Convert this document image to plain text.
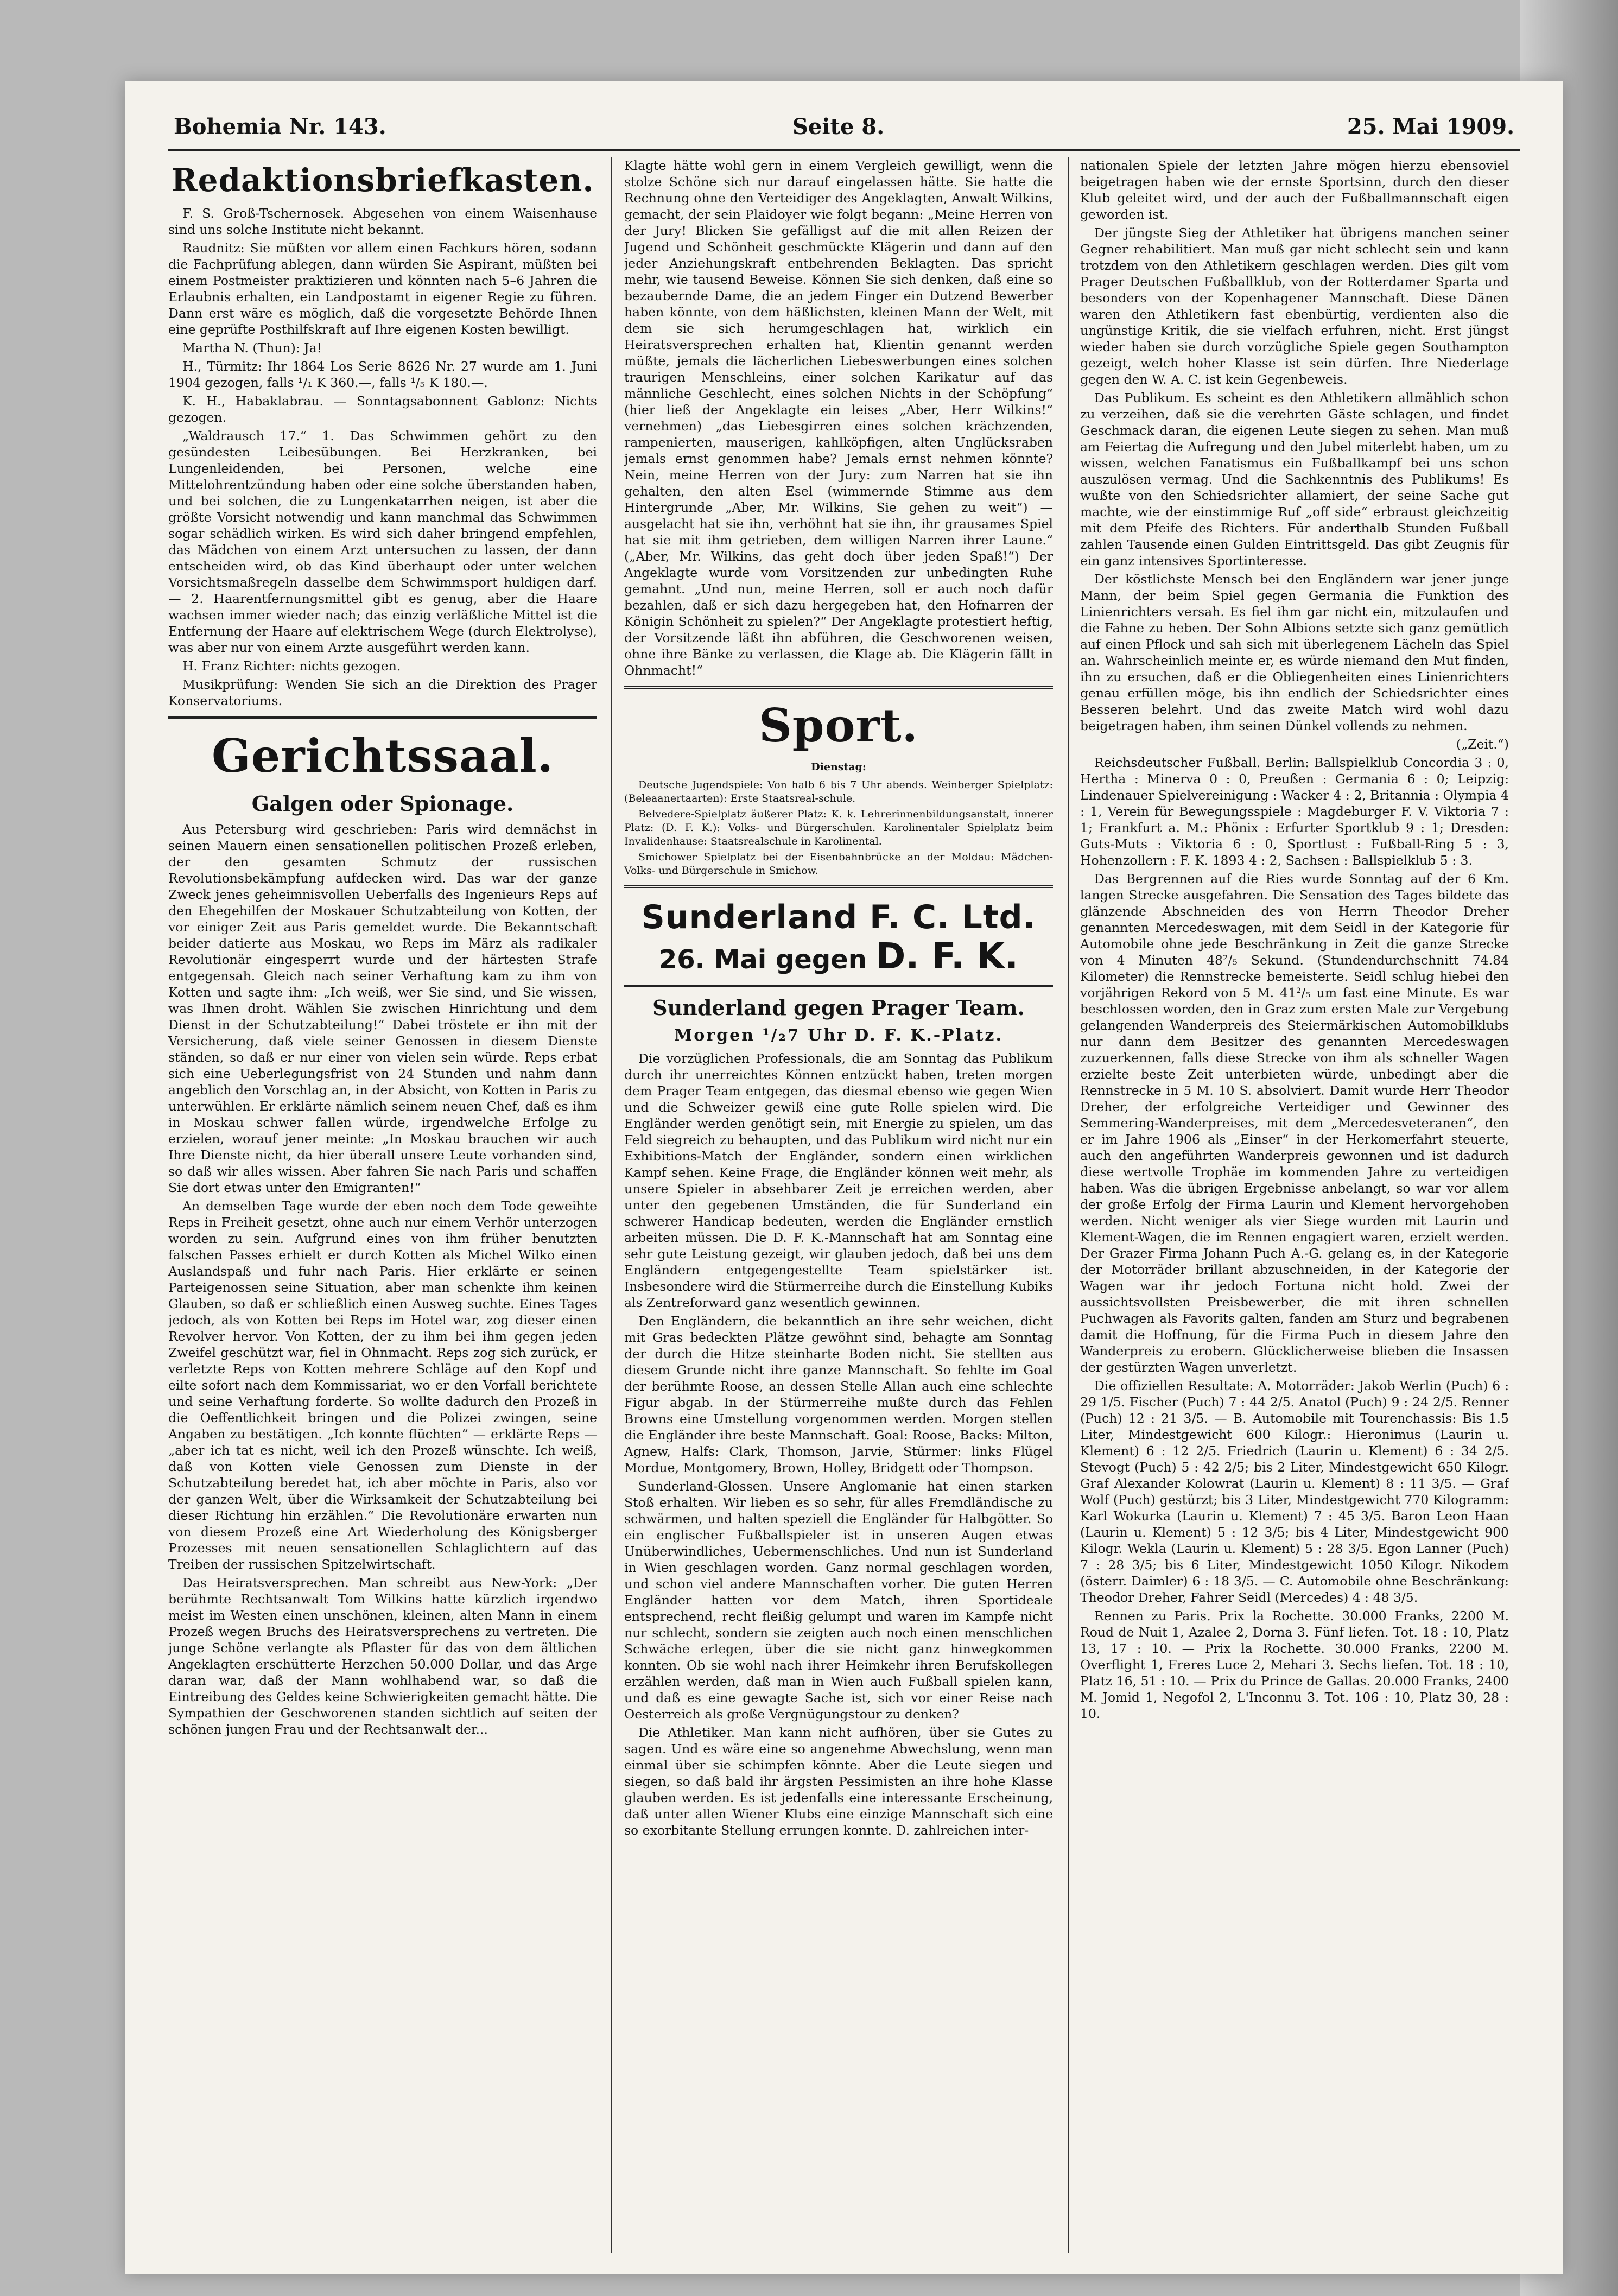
Bohemia Nr. 143.	Seite 8.	25. Mai 1909.
Redaktionsbriefkasten.

F. S. Groß-Tschernosek. Abgesehen von einem Waisenhause sind uns solche Institute nicht bekannt.

Raudnitz: Sie müßten vor allem einen Fachkurs hören, sodann die Fachprüfung ablegen, dann würden Sie Aspirant, müßten bei einem Postmeister praktizieren und könnten nach 5–6 Jahren die Erlaubnis erhalten, ein Landpostamt in eigener Regie zu führen. Dann erst wäre es möglich, daß die vorgesetzte Behörde Ihnen eine geprüfte Posthilfskraft auf Ihre eigenen Kosten bewilligt.

Martha N. (Thun): Ja!

H., Türmitz: Ihr 1864 Los Serie 8626 Nr. 27 wurde am 1. Juni 1904 gezogen, falls ¹/₁ K 360.—, falls ¹/₅ K 180.—.

K. H., Habaklabrau. — Sonntagsabonnent Gablonz: Nichts gezogen.

„Waldrausch 17.“ 1. Das Schwimmen gehört zu den gesündesten Leibesübungen. Bei Herzkranken, bei Lungenleidenden, bei Personen, welche eine Mittelohrentzündung haben oder eine solche überstanden haben, und bei solchen, die zu Lungenkatarrhen neigen, ist aber die größte Vorsicht notwendig und kann manchmal das Schwimmen sogar schädlich wirken. Es wird sich daher bringend empfehlen, das Mädchen von einem Arzt untersuchen zu lassen, der dann entscheiden wird, ob das Kind überhaupt oder unter welchen Vorsichtsmaßregeln dasselbe dem Schwimmsport huldigen darf. — 2. Haarentfernungsmittel gibt es genug, aber die Haare wachsen immer wieder nach; das einzig verläßliche Mittel ist die Entfernung der Haare auf elektrischem Wege (durch Elektrolyse), was aber nur von einem Arzte ausgeführt werden kann.

H. Franz Richter: nichts gezogen.

Musikprüfung: Wenden Sie sich an die Direktion des Prager Konservatoriums.

Gerichtssaal.
Galgen oder Spionage.

Aus Petersburg wird geschrieben: Paris wird demnächst in seinen Mauern einen sensationellen politischen Prozeß erleben, der den gesamten Schmutz der russischen Revolutionsbekämpfung aufdecken wird. Das war der ganze Zweck jenes geheimnisvollen Ueberfalls des Ingenieurs Reps auf den Ehegehilfen der Moskauer Schutzabteilung von Kotten, der vor einiger Zeit aus Paris gemeldet wurde. Die Bekanntschaft beider datierte aus Moskau, wo Reps im März als radikaler Revolutionär eingesperrt wurde und der härtesten Strafe entgegensah. Gleich nach seiner Verhaftung kam zu ihm von Kotten und sagte ihm: „Ich weiß, wer Sie sind, und Sie wissen, was Ihnen droht. Wählen Sie zwischen Hinrichtung und dem Dienst in der Schutzabteilung!“ Dabei tröstete er ihn mit der Versicherung, daß viele seiner Genossen in diesem Dienste ständen, so daß er nur einer von vielen sein würde. Reps erbat sich eine Ueberlegungsfrist von 24 Stunden und nahm dann angeblich den Vorschlag an, in der Absicht, von Kotten in Paris zu unterwühlen. Er erklärte nämlich seinem neuen Chef, daß es ihm in Moskau schwer fallen würde, irgendwelche Erfolge zu erzielen, worauf jener meinte: „In Moskau brauchen wir auch Ihre Dienste nicht, da hier überall unsere Leute vorhanden sind, so daß wir alles wissen. Aber fahren Sie nach Paris und schaffen Sie dort etwas unter den Emigranten!“

An demselben Tage wurde der eben noch dem Tode geweihte Reps in Freiheit gesetzt, ohne auch nur einem Verhör unterzogen worden zu sein. Aufgrund eines von ihm früher benutzten falschen Passes erhielt er durch Kotten als Michel Wilko einen Auslandspaß und fuhr nach Paris. Hier erklärte er seinen Parteigenossen seine Situation, aber man schenkte ihm keinen Glauben, so daß er schließlich einen Ausweg suchte. Eines Tages jedoch, als von Kotten bei Reps im Hotel war, zog dieser einen Revolver hervor. Von Kotten, der zu ihm bei ihm gegen jeden Zweifel geschützt war, fiel in Ohnmacht. Reps zog sich zurück, er verletzte Reps von Kotten mehrere Schläge auf den Kopf und eilte sofort nach dem Kommissariat, wo er den Vorfall berichtete und seine Verhaftung forderte. So wollte dadurch den Prozeß in die Oeffentlichkeit bringen und die Polizei zwingen, seine Angaben zu bestätigen. „Ich konnte flüchten“ — erklärte Reps — „aber ich tat es nicht, weil ich den Prozeß wünschte. Ich weiß, daß von Kotten viele Genossen zum Dienste in der Schutzabteilung beredet hat, ich aber möchte in Paris, also vor der ganzen Welt, über die Wirksamkeit der Schutzabteilung bei dieser Richtung hin erzählen.“ Die Revolutionäre erwarten nun von diesem Prozeß eine Art Wiederholung des Königsberger Prozesses mit neuen sensationellen Schlaglichtern auf das Treiben der russischen Spitzelwirtschaft.

Das Heiratsversprechen. Man schreibt aus New-York: „Der berühmte Rechtsanwalt Tom Wilkins hatte kürzlich irgendwo meist im Westen einen unschönen, kleinen, alten Mann in einem Prozeß wegen Bruchs des Heiratsversprechens zu vertreten. Die junge Schöne verlangte als Pflaster für das von dem ältlichen Angeklagten erschütterte Herzchen 50.000 Dollar, und das Arge daran war, daß der Mann wohlhabend war, so daß die Eintreibung des Geldes keine Schwierigkeiten gemacht hätte. Die Sympathien der Geschworenen standen sichtlich auf seiten der schönen jungen Frau und der Rechtsanwalt der...

Klagte hätte wohl gern in einem Vergleich gewilligt, wenn die stolze Schöne sich nur darauf eingelassen hätte. Sie hatte die Rechnung ohne den Verteidiger des Angeklagten, Anwalt Wilkins, gemacht, der sein Plaidoyer wie folgt begann: „Meine Herren von der Jury! Blicken Sie gefälligst auf die mit allen Reizen der Jugend und Schönheit geschmückte Klägerin und dann auf den jeder Anziehungskraft entbehrenden Beklagten. Das spricht mehr, wie tausend Beweise. Können Sie sich denken, daß eine so bezaubernde Dame, die an jedem Finger ein Dutzend Bewerber haben könnte, von dem häßlichsten, kleinen Mann der Welt, mit dem sie sich herumgeschlagen hat, wirklich ein Heiratsversprechen erhalten hat, Klientin genannt werden müßte, jemals die lächerlichen Liebeswerbungen eines solchen traurigen Menschleins, einer solchen Karikatur auf das männliche Geschlecht, eines solchen Nichts in der Schöpfung“ (hier ließ der Angeklagte ein leises „Aber, Herr Wilkins!“ vernehmen) „das Liebesgirren eines solchen krächzenden, rampenierten, mauserigen, kahlköpfigen, alten Unglücksraben jemals ernst genommen habe? Jemals ernst nehmen könnte? Nein, meine Herren von der Jury: zum Narren hat sie ihn gehalten, den alten Esel (wimmernde Stimme aus dem Hintergrunde „Aber, Mr. Wilkins, Sie gehen zu weit“) — ausgelacht hat sie ihn, verhöhnt hat sie ihn, ihr grausames Spiel hat sie mit ihm getrieben, dem willigen Narren ihrer Laune.“ („Aber, Mr. Wilkins, das geht doch über jeden Spaß!“) Der Angeklagte wurde vom Vorsitzenden zur unbedingten Ruhe gemahnt. „Und nun, meine Herren, soll er auch noch dafür bezahlen, daß er sich dazu hergegeben hat, den Hofnarren der Königin Schönheit zu spielen?“ Der Angeklagte protestiert heftig, der Vorsitzende läßt ihn abführen, die Geschworenen weisen, ohne ihre Bänke zu verlassen, die Klage ab. Die Klägerin fällt in Ohnmacht!“

Sport.
Dienstag:

Deutsche Jugendspiele: Von halb 6 bis 7 Uhr abends. Weinberger Spielplatz: (Beleaanertaarten): Erste Staatsreal-schule.

Belvedere-Spielplatz äußerer Platz: K. k. Lehrerinnenbildungsanstalt, innerer Platz: (D. F. K.): Volks- und Bürgerschulen. Karolinentaler Spielplatz beim Invalidenhause: Staatsrealschule in Karolinental.

Smichower Spielplatz bei der Eisenbahnbrücke an der Moldau: Mädchen-Volks- und Bürgerschule in Smichow.

Sunderland F. C. Ltd.
26. Mai gegen D. F. K.
Sunderland gegen Prager Team.
Morgen ¹/₂7 Uhr D. F. K.-Platz.

Die vorzüglichen Professionals, die am Sonntag das Publikum durch ihr unerreichtes Können entzückt haben, treten morgen dem Prager Team entgegen, das diesmal ebenso wie gegen Wien und die Schweizer gewiß eine gute Rolle spielen wird. Die Engländer werden genötigt sein, mit Energie zu spielen, um das Feld siegreich zu behaupten, und das Publikum wird nicht nur ein Exhibitions-Match der Engländer, sondern einen wirklichen Kampf sehen. Keine Frage, die Engländer können weit mehr, als unsere Spieler in absehbarer Zeit je erreichen werden, aber unter den gegebenen Umständen, die für Sunderland ein schwerer Handicap bedeuten, werden die Engländer ernstlich arbeiten müssen. Die D. F. K.-Mannschaft hat am Sonntag eine sehr gute Leistung gezeigt, wir glauben jedoch, daß bei uns dem Engländern entgegengestellte Team spielstärker ist. Insbesondere wird die Stürmerreihe durch die Einstellung Kubiks als Zentreforward ganz wesentlich gewinnen.

Den Engländern, die bekanntlich an ihre sehr weichen, dicht mit Gras bedeckten Plätze gewöhnt sind, behagte am Sonntag der durch die Hitze steinharte Boden nicht. Sie stellten aus diesem Grunde nicht ihre ganze Mannschaft. So fehlte im Goal der berühmte Roose, an dessen Stelle Allan auch eine schlechte Figur abgab. In der Stürmerreihe mußte durch das Fehlen Browns eine Umstellung vorgenommen werden. Morgen stellen die Engländer ihre beste Mannschaft. Goal: Roose, Backs: Milton, Agnew, Halfs: Clark, Thomson, Jarvie, Stürmer: links Flügel Mordue, Montgomery, Brown, Holley, Bridgett oder Thompson.

Sunderland-Glossen. Unsere Anglomanie hat einen starken Stoß erhalten. Wir lieben es so sehr, für alles Fremdländische zu schwärmen, und halten speziell die Engländer für Halbgötter. So ein englischer Fußballspieler ist in unseren Augen etwas Unüberwindliches, Uebermenschliches. Und nun ist Sunderland in Wien geschlagen worden. Ganz normal geschlagen worden, und schon viel andere Mannschaften vorher. Die guten Herren Engländer hatten vor dem Match, ihren Sportideale entsprechend, recht fleißig gelumpt und waren im Kampfe nicht nur schlecht, sondern sie zeigten auch noch einen menschlichen Schwäche erlegen, über die sie nicht ganz hinwegkommen konnten. Ob sie wohl nach ihrer Heimkehr ihren Berufskollegen erzählen werden, daß man in Wien auch Fußball spielen kann, und daß es eine gewagte Sache ist, sich vor einer Reise nach Oesterreich als große Vergnügungstour zu denken?

Die Athletiker. Man kann nicht aufhören, über sie Gutes zu sagen. Und es wäre eine so angenehme Abwechslung, wenn man einmal über sie schimpfen könnte. Aber die Leute siegen und siegen, so daß bald ihr ärgsten Pessimisten an ihre hohe Klasse glauben werden. Es ist jedenfalls eine interessante Erscheinung, daß unter allen Wiener Klubs eine einzige Mannschaft sich eine so exorbitante Stellung errungen konnte. D. zahlreichen inter-

nationalen Spiele der letzten Jahre mögen hierzu ebensoviel beigetragen haben wie der ernste Sportsinn, durch den dieser Klub geleitet wird, und der auch der Fußballmannschaft eigen geworden ist.

Der jüngste Sieg der Athletiker hat übrigens manchen seiner Gegner rehabilitiert. Man muß gar nicht schlecht sein und kann trotzdem von den Athletikern geschlagen werden. Dies gilt vom Prager Deutschen Fußballklub, von der Rotterdamer Sparta und besonders von der Kopenhagener Mannschaft. Diese Dänen waren den Athletikern fast ebenbürtig, verdienten also die ungünstige Kritik, die sie vielfach erfuhren, nicht. Erst jüngst wieder haben sie durch vorzügliche Spiele gegen Southampton gezeigt, welch hoher Klasse ist sein dürfen. Ihre Niederlage gegen den W. A. C. ist kein Gegenbeweis.

Das Publikum. Es scheint es den Athletikern allmählich schon zu verzeihen, daß sie die verehrten Gäste schlagen, und findet Geschmack daran, die eigenen Leute siegen zu sehen. Man muß am Feiertag die Aufregung und den Jubel miterlebt haben, um zu wissen, welchen Fanatismus ein Fußballkampf bei uns schon auszulösen vermag. Und die Sachkenntnis des Publikums! Es wußte von den Schiedsrichter allamiert, der seine Sache gut machte, wie der einstimmige Ruf „off side“ erbraust gleichzeitig mit dem Pfeife des Richters. Für anderthalb Stunden Fußball zahlen Tausende einen Gulden Eintrittsgeld. Das gibt Zeugnis für ein ganz intensives Sportinteresse.

Der köstlichste Mensch bei den Engländern war jener junge Mann, der beim Spiel gegen Germania die Funktion des Linienrichters versah. Es fiel ihm gar nicht ein, mitzulaufen und die Fahne zu heben. Der Sohn Albions setzte sich ganz gemütlich auf einen Pflock und sah sich mit überlegenem Lächeln das Spiel an. Wahrscheinlich meinte er, es würde niemand den Mut finden, ihn zu ersuchen, daß er die Obliegenheiten eines Linienrichters genau erfüllen möge, bis ihn endlich der Schiedsrichter eines Besseren belehrt. Und das zweite Match wird wohl dazu beigetragen haben, ihm seinen Dünkel vollends zu nehmen.

(„Zeit.“)

Reichsdeutscher Fußball. Berlin: Ballspielklub Concordia 3 : 0, Hertha : Minerva 0 : 0, Preußen : Germania 6 : 0; Leipzig: Lindenauer Spielvereinigung : Wacker 4 : 2, Britannia : Olympia 4 : 1, Verein für Bewegungsspiele : Magdeburger F. V. Viktoria 7 : 1; Frankfurt a. M.: Phönix : Erfurter Sportklub 9 : 1; Dresden: Guts-Muts : Viktoria 6 : 0, Sportlust : Fußball-Ring 5 : 3, Hohenzollern : F. K. 1893 4 : 2, Sachsen : Ballspielklub 5 : 3.

Das Bergrennen auf die Ries wurde Sonntag auf der 6 Km. langen Strecke ausgefahren. Die Sensation des Tages bildete das glänzende Abschneiden des von Herrn Theodor Dreher genannten Mercedeswagen, mit dem Seidl in der Kategorie für Automobile ohne jede Beschränkung in Zeit die ganze Strecke von 4 Minuten 48²/₅ Sekund. (Stundendurchschnitt 74.84 Kilometer) die Rennstrecke bemeisterte. Seidl schlug hiebei den vorjährigen Rekord von 5 M. 41²/₅ um fast eine Minute. Es war beschlossen worden, den in Graz zum ersten Male zur Vergebung gelangenden Wanderpreis des Steiermärkischen Automobilklubs nur dann dem Besitzer des genannten Mercedeswagen zuzuerkennen, falls diese Strecke von ihm als schneller Wagen erzielte beste Zeit unterbieten würde, unbedingt aber die Rennstrecke in 5 M. 10 S. absolviert. Damit wurde Herr Theodor Dreher, der erfolgreiche Verteidiger und Gewinner des Semmering-Wanderpreises, mit dem „Mercedesveteranen“, den er im Jahre 1906 als „Einser“ in der Herkomerfahrt steuerte, auch den angeführten Wanderpreis gewonnen und ist dadurch diese wertvolle Trophäe im kommenden Jahre zu verteidigen haben. Was die übrigen Ergebnisse anbelangt, so war vor allem der große Erfolg der Firma Laurin und Klement hervorgehoben werden. Nicht weniger als vier Siege wurden mit Laurin und Klement-Wagen, die im Rennen engagiert waren, erzielt werden. Der Grazer Firma Johann Puch A.-G. gelang es, in der Kategorie der Motorräder brillant abzuschneiden, in der Kategorie der Wagen war ihr jedoch Fortuna nicht hold. Zwei der aussichtsvollsten Preisbewerber, die mit ihren schnellen Puchwagen als Favorits galten, fanden am Sturz und begrabenen damit die Hoffnung, für die Firma Puch in diesem Jahre den Wanderpreis zu erobern. Glücklicherweise blieben die Insassen der gestürzten Wagen unverletzt.

Die offiziellen Resultate: A. Motorräder: Jakob Werlin (Puch) 6 : 29 1/5. Fischer (Puch) 7 : 44 2/5. Anatol (Puch) 9 : 24 2/5. Renner (Puch) 12 : 21 3/5. — B. Automobile mit Tourenchassis: Bis 1.5 Liter, Mindestgewicht 600 Kilogr.: Hieronimus (Laurin u. Klement) 6 : 12 2/5. Friedrich (Laurin u. Klement) 6 : 34 2/5. Stevogt (Puch) 5 : 42 2/5; bis 2 Liter, Mindestgewicht 650 Kilogr. Graf Alexander Kolowrat (Laurin u. Klement) 8 : 11 3/5. — Graf Wolf (Puch) gestürzt; bis 3 Liter, Mindestgewicht 770 Kilogramm: Karl Wokurka (Laurin u. Klement) 7 : 45 3/5. Baron Leon Haan (Laurin u. Klement) 5 : 12 3/5; bis 4 Liter, Mindestgewicht 900 Kilogr. Wekla (Laurin u. Klement) 5 : 28 3/5. Egon Lanner (Puch) 7 : 28 3/5; bis 6 Liter, Mindestgewicht 1050 Kilogr. Nikodem (österr. Daimler) 6 : 18 3/5. — C. Automobile ohne Beschränkung: Theodor Dreher, Fahrer Seidl (Mercedes) 4 : 48 3/5.

Rennen zu Paris. Prix la Rochette. 30.000 Franks, 2200 M. Roud de Nuit 1, Azalee 2, Dorna 3. Fünf liefen. Tot. 18 : 10, Platz 13, 17 : 10. — Prix la Rochette. 30.000 Franks, 2200 M. Overflight 1, Freres Luce 2, Mehari 3. Sechs liefen. Tot. 18 : 10, Platz 16, 51 : 10. — Prix du Prince de Gallas. 20.000 Franks, 2400 M. Jomid 1, Negofol 2, L'Inconnu 3. Tot. 106 : 10, Platz 30, 28 : 10.
